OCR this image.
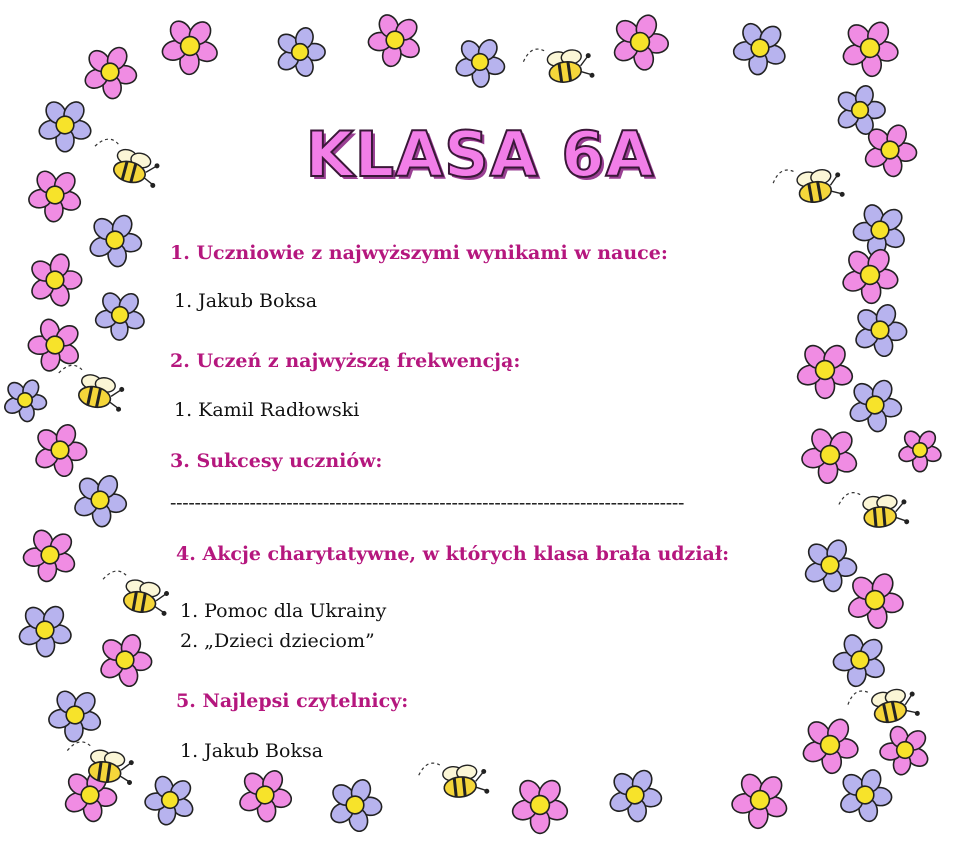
KLASA 6A
1. Uczniowie z najwyższymi wynikami w nauce:
1. Jakub Boksa
2. Uczeń z najwyższą frekwencją:
1. Kamil Radłowski
3. Sukcesy uczniów:
------------------------------------------------------------------------------------
4. Akcje charytatywne, w których klasa brała udział:
1. Pomoc dla Ukrainy
2. „Dzieci dzieciom”
5. Najlepsi czytelnicy:
1. Jakub Boksa
